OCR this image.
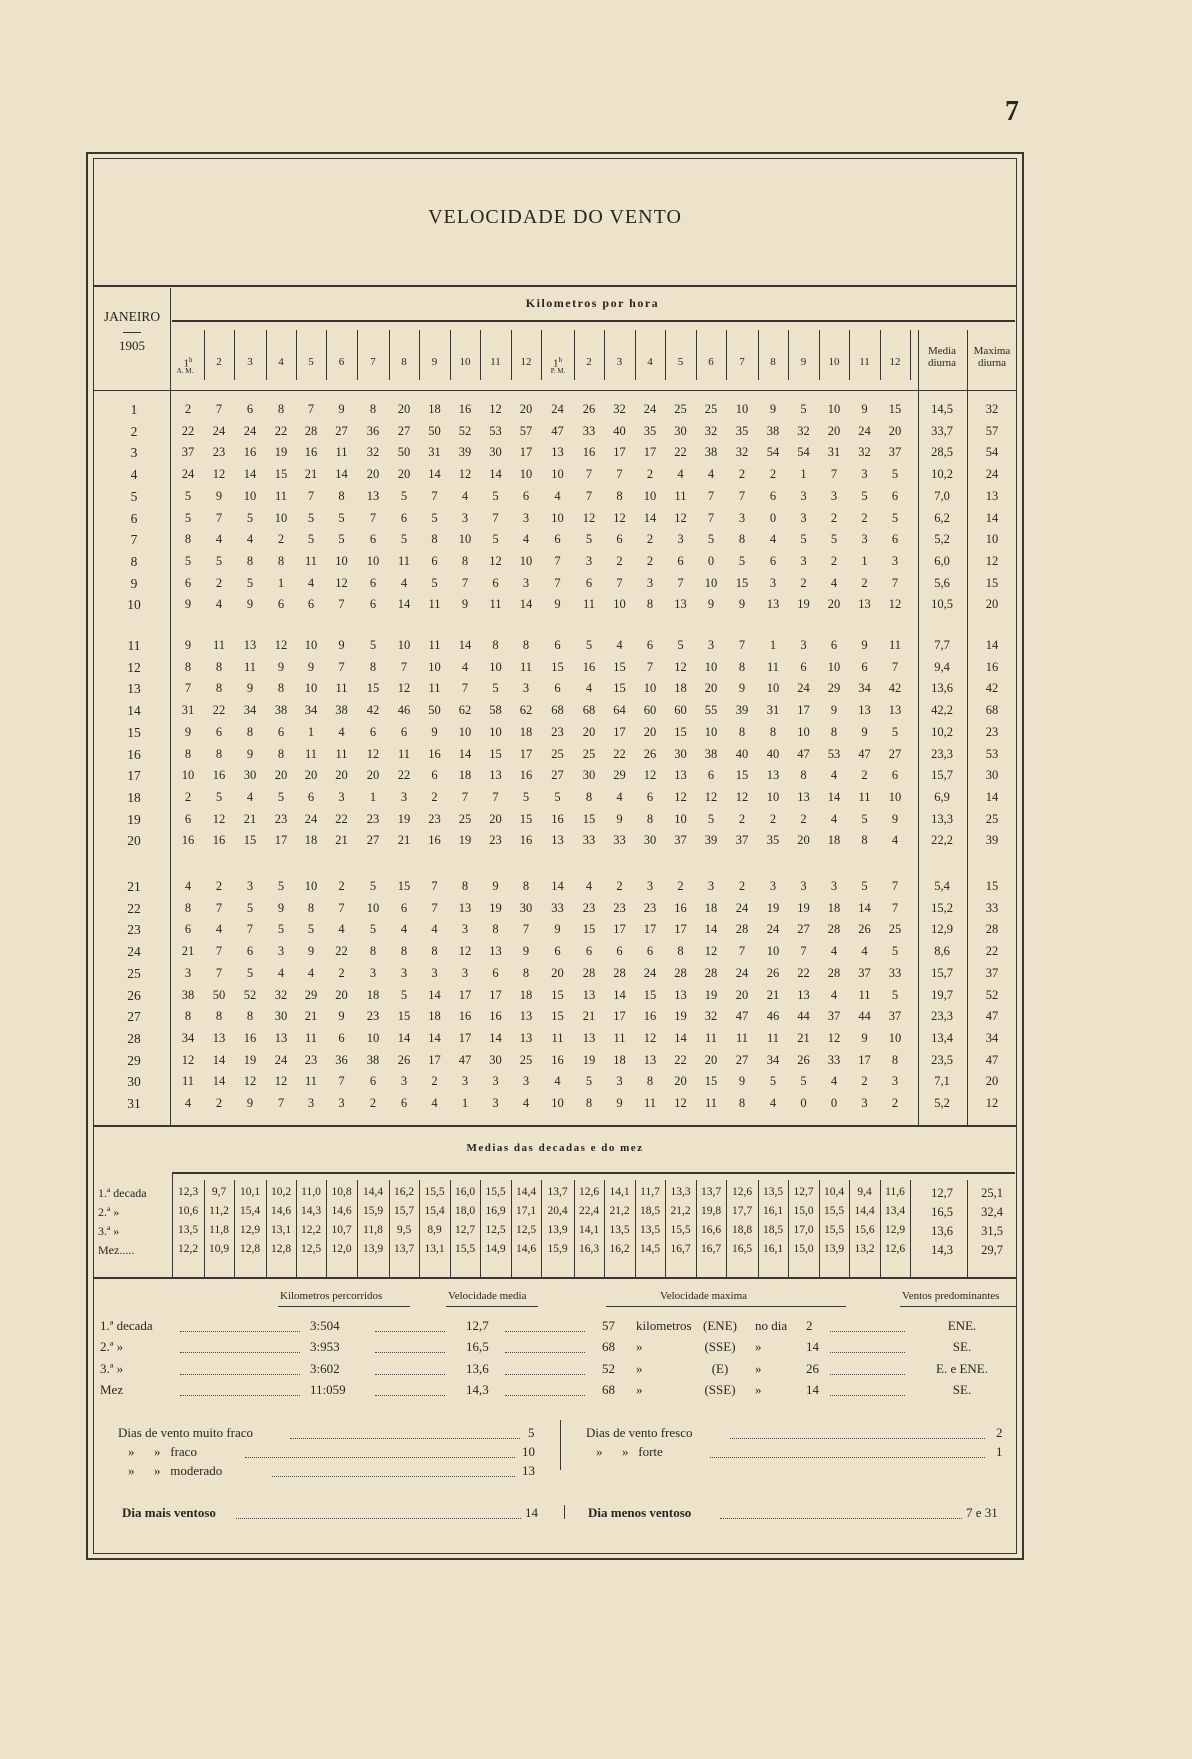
7
VELOCIDADE DO VENTO
JANEIRO
1905
Kilometros por hora
1$^h$	2	3	4	5	6	7	8	9	10	11	12	1$^h$	2	3	4	5	6	7	8	9	10	11	12
A. M.	P. M.
Media diurna
Maxima diurna
1	2	7	6	8	7	9	8	20	18	16	12	20	24	26	32	24	25	25	10	9	5	10	9	15	14,5	32
2	22	24	24	22	28	27	36	27	50	52	53	57	47	33	40	35	30	32	35	38	32	20	24	20	33,7	57
3	37	23	16	19	16	11	32	50	31	39	30	17	13	16	17	17	22	38	32	54	54	31	32	37	28,5	54
4	24	12	14	15	21	14	20	20	14	12	14	10	10	7	7	2	4	4	2	2	1	7	3	5	10,2	24
5	5	9	10	11	7	8	13	5	7	4	5	6	4	7	8	10	11	7	7	6	3	3	5	6	7,0	13
6	5	7	5	10	5	5	7	6	5	3	7	3	10	12	12	14	12	7	3	0	3	2	2	5	6,2	14
7	8	4	4	2	5	5	6	5	8	10	5	4	6	5	6	2	3	5	8	4	5	5	3	6	5,2	10
8	5	5	8	8	11	10	10	11	6	8	12	10	7	3	2	2	6	0	5	6	3	2	1	3	6,0	12
9	6	2	5	1	4	12	6	4	5	7	6	3	7	6	7	3	7	10	15	3	2	4	2	7	5,6	15
10	9	4	9	6	6	7	6	14	11	9	11	14	9	11	10	8	13	9	9	13	19	20	13	12	10,5	20
11	9	11	13	12	10	9	5	10	11	14	8	8	6	5	4	6	5	3	7	1	3	6	9	11	7,7	14
12	8	8	11	9	9	7	8	7	10	4	10	11	15	16	15	7	12	10	8	11	6	10	6	7	9,4	16
13	7	8	9	8	10	11	15	12	11	7	5	3	6	4	15	10	18	20	9	10	24	29	34	42	13,6	42
14	31	22	34	38	34	38	42	46	50	62	58	62	68	68	64	60	60	55	39	31	17	9	13	13	42,2	68
15	9	6	8	6	1	4	6	6	9	10	10	18	23	20	17	20	15	10	8	8	10	8	9	5	10,2	23
16	8	8	9	8	11	11	12	11	16	14	15	17	25	25	22	26	30	38	40	40	47	53	47	27	23,3	53
17	10	16	30	20	20	20	20	22	6	18	13	16	27	30	29	12	13	6	15	13	8	4	2	6	15,7	30
18	2	5	4	5	6	3	1	3	2	7	7	5	5	8	4	6	12	12	12	10	13	14	11	10	6,9	14
19	6	12	21	23	24	22	23	19	23	25	20	15	16	15	9	8	10	5	2	2	2	4	5	9	13,3	25
20	16	16	15	17	18	21	27	21	16	19	23	16	13	33	33	30	37	39	37	35	20	18	8	4	22,2	39
21	4	2	3	5	10	2	5	15	7	8	9	8	14	4	2	3	2	3	2	3	3	3	5	7	5,4	15
22	8	7	5	9	8	7	10	6	7	13	19	30	33	23	23	23	16	18	24	19	19	18	14	7	15,2	33
23	6	4	7	5	5	4	5	4	4	3	8	7	9	15	17	17	17	14	28	24	27	28	26	25	12,9	28
24	21	7	6	3	9	22	8	8	8	12	13	9	6	6	6	6	8	12	7	10	7	4	4	5	8,6	22
25	3	7	5	4	4	2	3	3	3	3	6	8	20	28	28	24	28	28	24	26	22	28	37	33	15,7	37
26	38	50	52	32	29	20	18	5	14	17	17	18	15	13	14	15	13	19	20	21	13	4	11	5	19,7	52
27	8	8	8	30	21	9	23	15	18	16	16	13	15	21	17	16	19	32	47	46	44	37	44	37	23,3	47
28	34	13	16	13	11	6	10	14	14	17	14	13	11	13	11	12	14	11	11	11	21	12	9	10	13,4	34
29	12	14	19	24	23	36	38	26	17	47	30	25	16	19	18	13	22	20	27	34	26	33	17	8	23,5	47
30	11	14	12	12	11	7	6	3	2	3	3	3	4	5	3	8	20	15	9	5	5	4	2	3	7,1	20
31	4	2	9	7	3	3	2	6	4	1	3	4	10	8	9	11	12	11	8	4	0	0	3	2	5,2	12
Medias das decadas e do mez
1.ª decada	12,3	9,7	10,1 10,2 11,0 10,8 14,4 16,2 15,5 16,0 15,5 14,4 13,7 12,6 14,1 11,7 13,3 13,7 12,6 13,5 12,7 10,4	9,4	11,6	12,7	25,1
2.ª »	10,6 11,2 15,4 14,6 14,3 14,6 15,9 15,7 15,4 18,0 16,9 17,1 20,4 22,4 21,2 18,5 21,2 19,8 17,7 16,1 15,0 15,5 14,4 13,4	16,5	32,4
3.ª »	13,5 11,8 12,9 13,1 12,2 10,7	11,8	9,5	8,9	12,7 12,5 12,5 13,9 14,1 13,5 13,5 15,5 16,6 18,8 18,5 17,0 15,5 15,6 12,9	13,6	31,5
Mez.....	12,2 10,9 12,8 12,8 12,5 12,0 13,9 13,7 13,1 15,5 14,9 14,6 15,9 16,3 16,2 14,5 16,7 16,7 16,5 16,1 15,0 13,9 13,2 12,6	14,3	29,7
Kilometros percorridos	Velocidade media	Velocidade maxima	Ventos predominantes
1.ª decada	3:504	12,7	57 kilometros (ENE)	no dia 2	ENE.
2.ª »	3:953	16,5	68 »	(SSE)	»	14	SE.
3.ª »	3:602	13,6	52 »	(E)	»	26	E. e ENE.
Mez	11:059	14,3	68 »	(SSE)	»	14	SE.
Dias de vento muito fraco	5
»      »   fraco	10
»      »   moderado	13
Dias de vento fresco	2
»      »   forte	1
Dia mais ventoso	14	Dia menos ventoso	7 e 31
